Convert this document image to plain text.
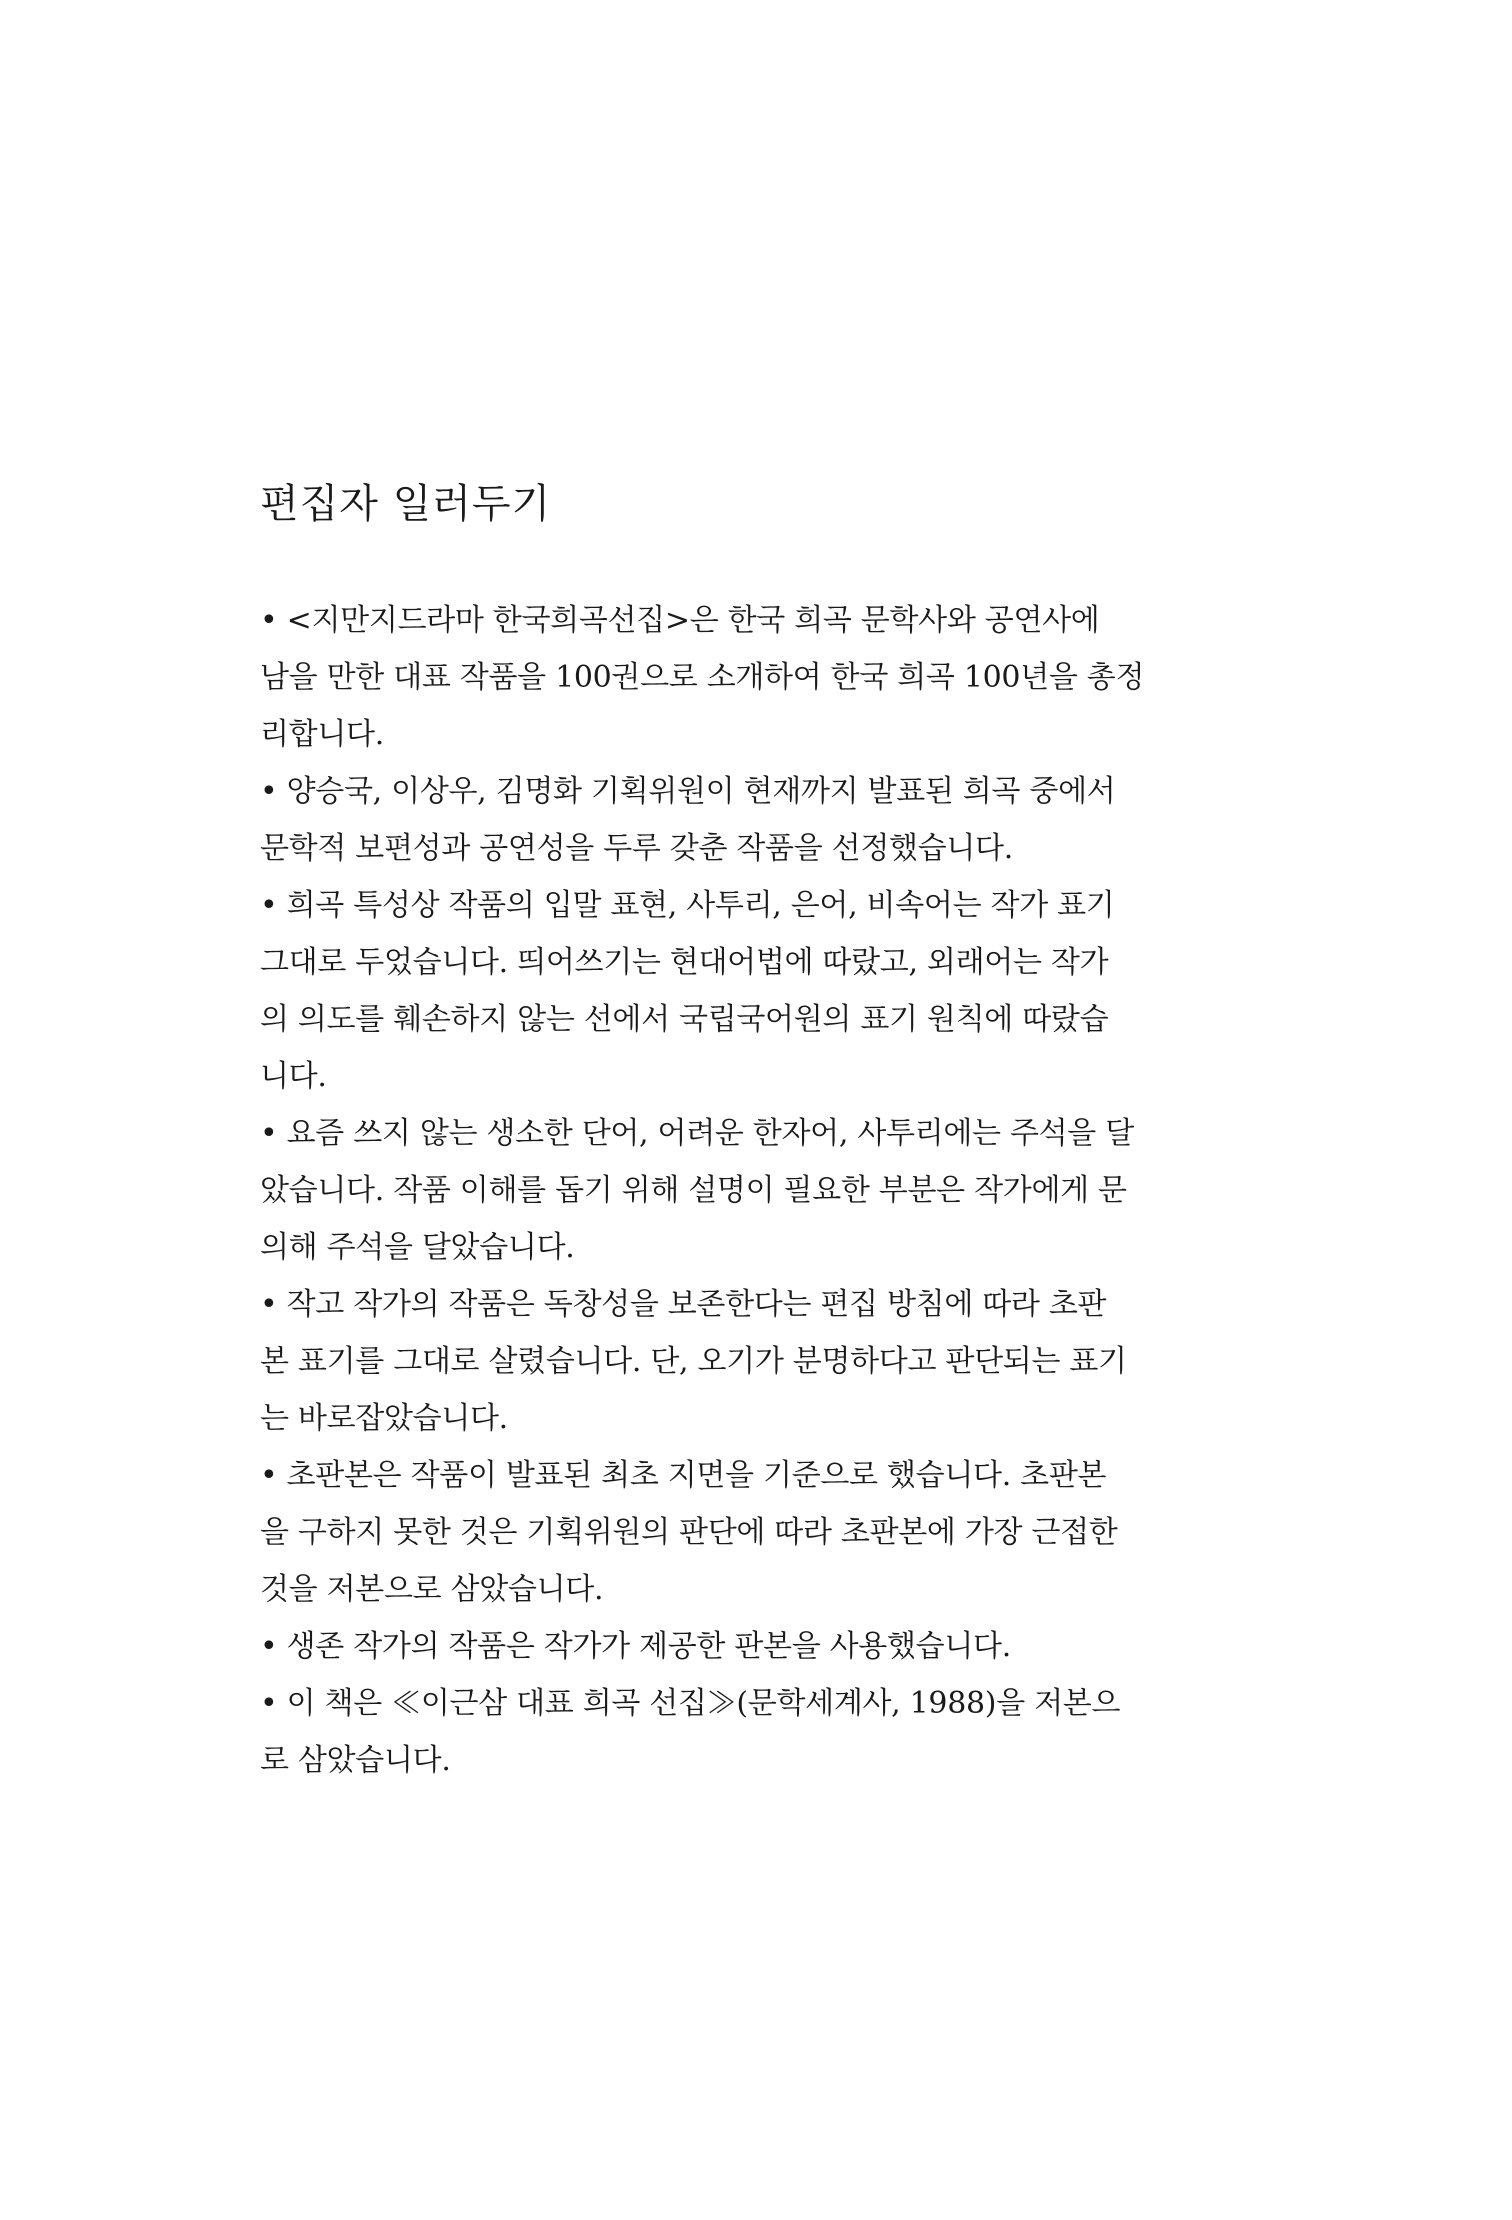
편집자 일러두기
• <지만지드라마 한국희곡선집>은 한국 희곡 문학사와 공연사에
남을 만한 대표 작품을 100권으로 소개하여 한국 희곡 100년을 총정
리합니다.
• 양승국, 이상우, 김명화 기획위원이 현재까지 발표된 희곡 중에서
문학적 보편성과 공연성을 두루 갖춘 작품을 선정했습니다.
• 희곡 특성상 작품의 입말 표현, 사투리, 은어, 비속어는 작가 표기
그대로 두었습니다. 띄어쓰기는 현대어법에 따랐고, 외래어는 작가
의 의도를 훼손하지 않는 선에서 국립국어원의 표기 원칙에 따랐습
니다.
• 요즘 쓰지 않는 생소한 단어, 어려운 한자어, 사투리에는 주석을 달
았습니다. 작품 이해를 돕기 위해 설명이 필요한 부분은 작가에게 문
의해 주석을 달았습니다.
• 작고 작가의 작품은 독창성을 보존한다는 편집 방침에 따라 초판
본 표기를 그대로 살렸습니다. 단, 오기가 분명하다고 판단되는 표기
는 바로잡았습니다.
• 초판본은 작품이 발표된 최초 지면을 기준으로 했습니다. 초판본
을 구하지 못한 것은 기획위원의 판단에 따라 초판본에 가장 근접한
것을 저본으로 삼았습니다.
• 생존 작가의 작품은 작가가 제공한 판본을 사용했습니다.
• 이 책은 ≪이근삼 대표 희곡 선집≫(문학세계사, 1988)을 저본으
로 삼았습니다.
